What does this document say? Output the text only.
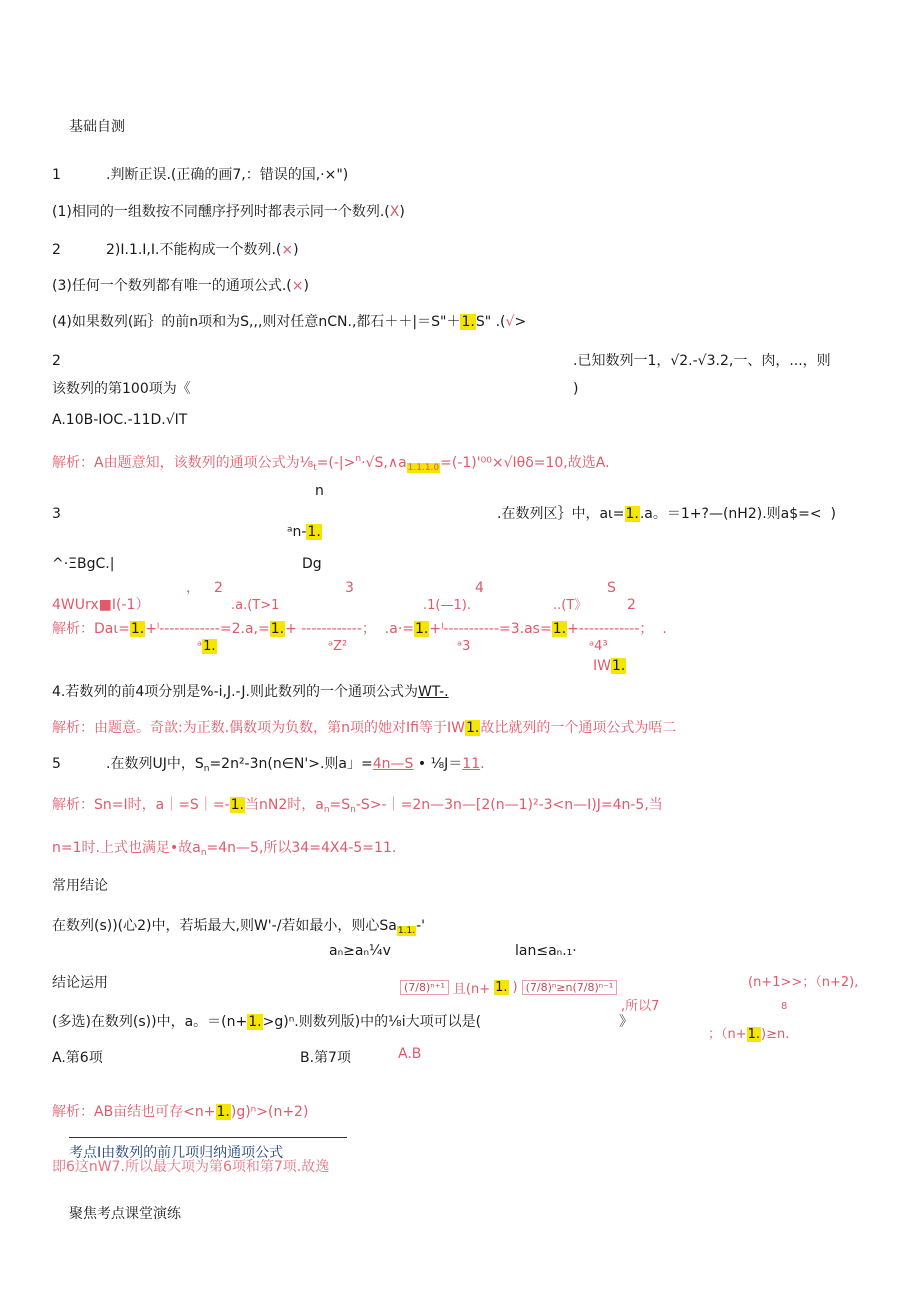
基础自测
1	.判断正误.(正确的画7,：错误的国,·×")
(1)相同的一组数按不同醺序抒列时都表示同一个数列.(X)
2	2)I.1.I,I.不能构成一个数列.(×)
(3)任何一个数列都有唯一的通项公式.(×)
(4)如果数列(跖｝的前n项和为S,,,则对任意nCN.,都石＋＋|＝S"＋1.S" .(√>
2	.已知数列一1，√2.-√3.2,一、肉，...，则
该数列的第100项为《	)
A.10B-IOC.-11D.√IT
解析：A由题意知，该数列的通项公式为$\frac{1}{8}_t=(-|>^n\cdot√S,\wedge a_{1.1.1.0}=(-1)'^{00}\times√I\theta\delta=10$,故选A.
n
3	.在数列区｝中，aι=1..a。＝1+?—(nH2).则a$=< )
ᵃn-1.
^·ΞBgC.|	Dg
， 2	3	4	S
4WUrx■I(-1）	.a.(T>1	.1(—1).	..(T》	2
解析：Daι=1.+ˡ------------=2.a,=1.+ ------------； .a·=1.+ˡ-----------=3.as=1.+------------； .
ᵃ1.	ᵃZ²	ᵃ3	ᵃ4³
IW1.
4.若数列的前4项分别是%-i,J.-J.则此数列的一个通项公式为WT-.
解析：由题意。奇歆:为正数.偶数项为负数，第n项的她对Ifi等于IW1.故比就列的一个通项公式为唔二
5	.在数列UJ中，$S_n=2n^2-3n(n\in N'>$.则a」=4n—S • ⅛J＝11.
解析：Sn=I时，a｜=S｜=-1.当nN2时，$a_n=S_n-S>-|=2n—3n—[2(n—1)^2-3<n—I)J=4n-5$,当
n=1时.上式也满足•故$a_n=4n—5$,所以34=4X4-5=11.
常用结论
在数列(s))(心2)中，若垢最大,则W'-/若如最小，则心$Sa_{1.1.}-'$
aₙ≥aₙ¼v	lan≤aₙ.₁·
结论运用	(7/8)ⁿ⁺¹ 且(n+ 1. ) (7/8)ⁿ≥n(7/8)ⁿ⁻¹
,所以7
(n+1>>；（n+2),
8
(多选)在数列(s))中，a。＝(n+1.>g)ⁿ.则数列版)中的⅛i大项可以是(	》
；（n+1.)≥n.
A.第6项	B.第7项	A.B
解析：AB亩结也可存<n+1.)g)ⁿ>(n+2)
即6这nW7.所以最大项为第6项和第7项.故逸
考点I由数列的前几项归纳通项公式
聚焦考点课堂演练
